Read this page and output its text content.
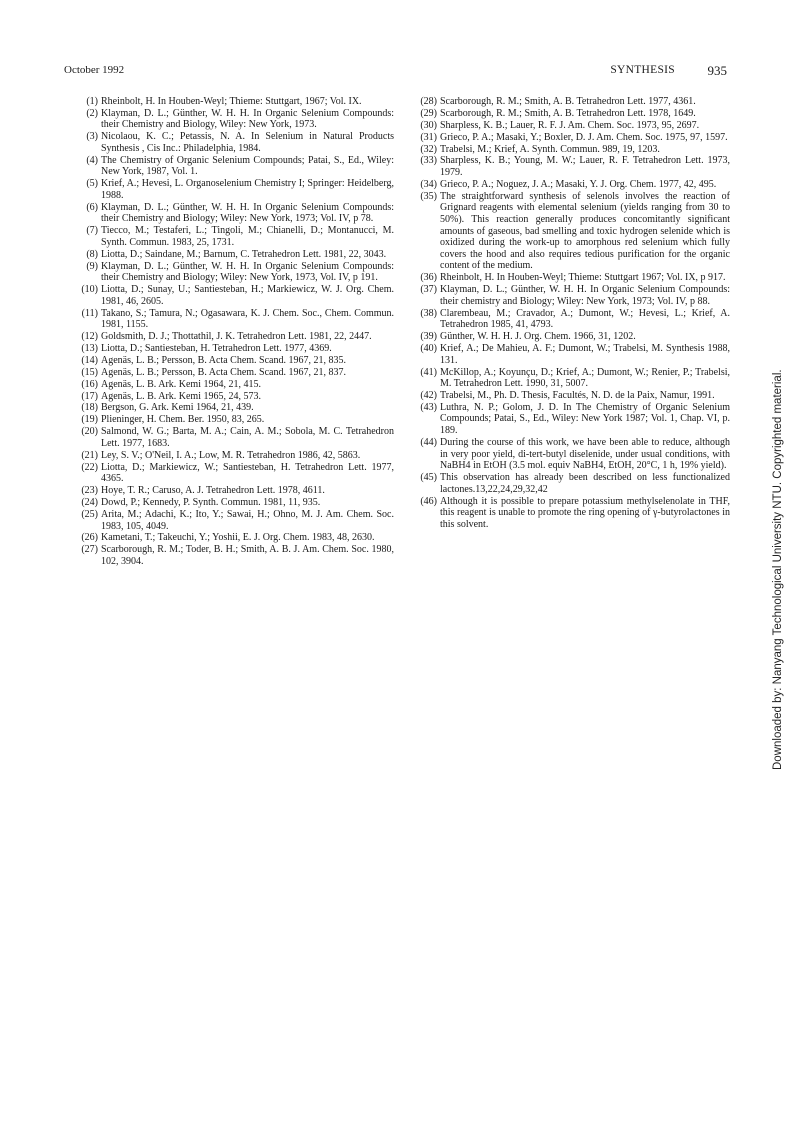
October 1992	SYNTHESIS	935
( 1 ) Rheinbolt, H. In Houben-Weyl; Thieme: Stuttgart, 1967; Vol. IX.
( 2 ) Klayman, D. L.; Günther, W. H. H. In Organic Selenium Compounds: their Chemistry and Biology, Wiley: New York, 1973.
( 3 ) Nicolaou, K. C.; Petassis, N. A. In Selenium in Natural Products Synthesis , Cis Inc.: Philadelphia, 1984.
( 4 ) The Chemistry of Organic Selenium Compounds; Patai, S., Ed., Wiley: New York, 1987, Vol. 1.
( 5 ) Krief, A.; Hevesi, L. Organoselenium Chemistry I; Springer: Heidelberg, 1988.
( 6 ) Klayman, D. L.; Günther, W. H. H. In Organic Selenium Compounds: their Chemistry and Biology; Wiley: New York, 1973; Vol. IV, p 78.
( 7 ) Tiecco, M.; Testaferi, L.; Tingoli, M.; Chianelli, D.; Montanucci, M. Synth. Commun. 1983, 25, 1731.
( 8 ) Liotta, D.; Saindane, M.; Barnum, C. Tetrahedron Lett. 1981, 22, 3043.
( 9 ) Klayman, D. L.; Günther, W. H. H. In Organic Selenium Compounds: their Chemistry and Biology; Wiley: New York, 1973, Vol. IV, p 191.
( 10 ) Liotta, D.; Sunay, U.; Santiesteban, H.; Markiewicz, W. J. Org. Chem. 1981, 46, 2605.
( 11 ) Takano, S.; Tamura, N.; Ogasawara, K. J. Chem. Soc., Chem. Commun. 1981, 1155.
( 12 ) Goldsmith, D. J.; Thottathil, J. K. Tetrahedron Lett. 1981, 22, 2447.
( 13 ) Liotta, D.; Santiesteban, H. Tetrahedron Lett. 1977, 4369.
( 14 ) Agenäs, L. B.; Persson, B. Acta Chem. Scand. 1967, 21, 835.
( 15 ) Agenäs, L. B.; Persson, B. Acta Chem. Scand. 1967, 21, 837.
( 16 ) Agenäs, L. B. Ark. Kemi 1964, 21, 415.
( 17 ) Agenäs, L. B. Ark. Kemi 1965, 24, 573.
( 18 ) Bergson, G. Ark. Kemi 1964, 21, 439.
( 19 ) Plieninger, H. Chem. Ber. 1950, 83, 265.
( 20 ) Salmond, W. G.; Barta, M. A.; Cain, A. M.; Sobola, M. C. Tetrahedron Lett. 1977, 1683.
( 21 ) Ley, S. V.; O'Neil, I. A.; Low, M. R. Tetrahedron 1986, 42, 5863.
( 22 ) Liotta, D.; Markiewicz, W.; Santiesteban, H. Tetrahedron Lett. 1977, 4365.
( 23 ) Hoye, T. R.; Caruso, A. J. Tetrahedron Lett. 1978, 4611.
( 24 ) Dowd, P.; Kennedy, P. Synth. Commun. 1981, 11, 935.
( 25 ) Arita, M.; Adachi, K.; Ito, Y.; Sawai, H.; Ohno, M. J. Am. Chem. Soc. 1983, 105, 4049.
( 26 ) Kametani, T.; Takeuchi, Y.; Yoshii, E. J. Org. Chem. 1983, 48, 2630.
( 27 ) Scarborough, R. M.; Toder, B. H.; Smith, A. B. J. Am. Chem. Soc. 1980, 102, 3904.
( 28 ) Scarborough, R. M.; Smith, A. B. Tetrahedron Lett. 1977, 4361.
( 29 ) Scarborough, R. M.; Smith, A. B. Tetrahedron Lett. 1978, 1649.
( 30 ) Sharpless, K. B.; Lauer, R. F. J. Am. Chem. Soc. 1973, 95, 2697.
( 31 ) Grieco, P. A.; Masaki, Y.; Boxler, D. J. Am. Chem. Soc. 1975, 97, 1597.
( 32 ) Trabelsi, M.; Krief, A. Synth. Commun. 989, 19, 1203.
( 33 ) Sharpless, K. B.; Young, M. W.; Lauer, R. F. Tetrahedron Lett. 1973, 1979.
( 34 ) Grieco, P. A.; Noguez, J. A.; Masaki, Y. J. Org. Chem. 1977, 42, 495.
( 35 ) The straightforward synthesis of selenols involves the reaction of Grignard reagents with elemental selenium (yields ranging from 30 to 50%). This reaction generally produces concomitantly significant amounts of gaseous, bad smelling and toxic hydrogen selenide which is oxidized during the work-up to amorphous red selenium which fully covers the hood and also requires tedious purification for the organic content of the medium.
( 36 ) Rheinbolt, H. In Houben-Weyl; Thieme: Stuttgart 1967; Vol. IX, p 917.
( 37 ) Klayman, D. L.; Günther, W. H. H. In Organic Selenium Compounds: their chemistry and Biology; Wiley: New York, 1973; Vol. IV, p 88.
( 38 ) Clarembeau, M.; Cravador, A.; Dumont, W.; Hevesi, L.; Krief, A. Tetrahedron 1985, 41, 4793.
( 39 ) Günther, W. H. H. J. Org. Chem. 1966, 31, 1202.
( 40 ) Krief, A.; De Mahieu, A. F.; Dumont, W.; Trabelsi, M. Synthesis 1988, 131.
( 41 ) McKillop, A.; Koyunçu, D.; Krief, A.; Dumont, W.; Renier, P.; Trabelsi, M. Tetrahedron Lett. 1990, 31, 5007.
( 42 ) Trabelsi, M., Ph. D. Thesis, Facultés, N. D. de la Paix, Namur, 1991.
( 43 ) Luthra, N. P.; Golom, J. D. In The Chemistry of Organic Selenium Compounds; Patai, S., Ed., Wiley: New York 1987; Vol. 1, Chap. VI, p. 189.
( 44 ) During the course of this work, we have been able to reduce, although in very poor yield, di-tert-butyl diselenide, under usual conditions, with NaBH4 in EtOH (3.5 mol. equiv NaBH4, EtOH, 20°C, 1 h, 19% yield).
( 45 ) This observation has already been described on less functionalized lactones.13,22,24,29,32,42
( 46 ) Although it is possible to prepare potassium methylselenolate in THF, this reagent is unable to promote the ring opening of γ-butyrolactones in this solvent.	Downloaded by: Nanyang Technological University NTU. Copyrighted material.
